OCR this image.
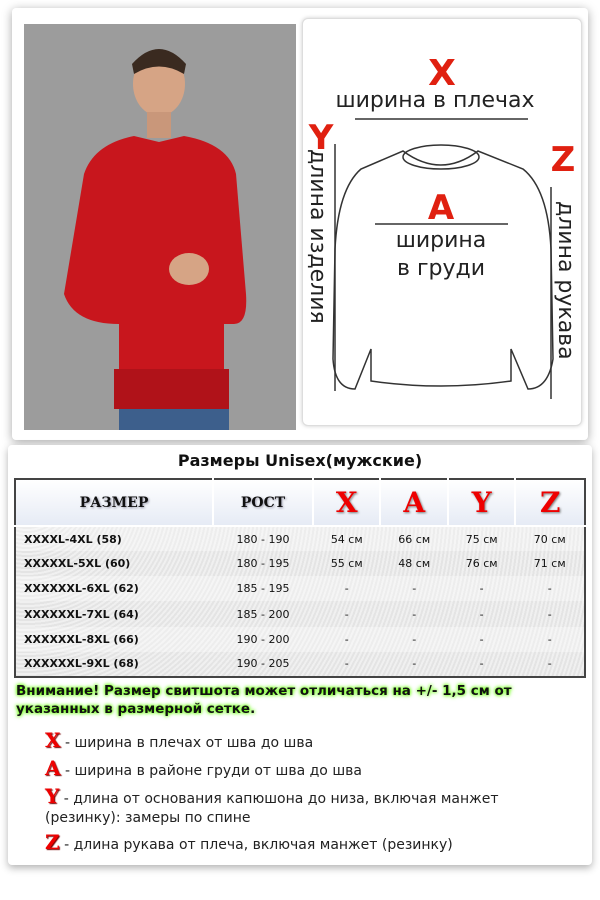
X
ширина в плечах
Y
длина изделия	Z
длина рукава
A
ширина
в груди
Размеры Unisex(мужские)
РАЗМЕР	РОСТ	X	A	Y	Z
XXXXL-4XL (58)	180 - 190	54 см	66 см	75 см	70 см
XXXXXL-5XL (60)	180 - 195	55 см	48 см	76 см	71 см
XXXXXXL-6XL (62)	185 - 195	-	-	-	-
XXXXXXL-7XL (64)	185 - 200	-	-	-	-
XXXXXXL-8XL (66)	190 - 200	-	-	-	-
XXXXXXL-9XL (68)	190 - 205	-	-	-	-
Внимание! Размер свитшота может отличаться на +/- 1,5 см от указанных в размерной сетке.
X - ширина в плечах от шва до шва
A - ширина в районе груди от шва до шва
Y - длина от основания капюшона до низа, включая манжет
(резинку): замеры по спине
Z - длина рукава от плеча, включая манжет (резинку)
